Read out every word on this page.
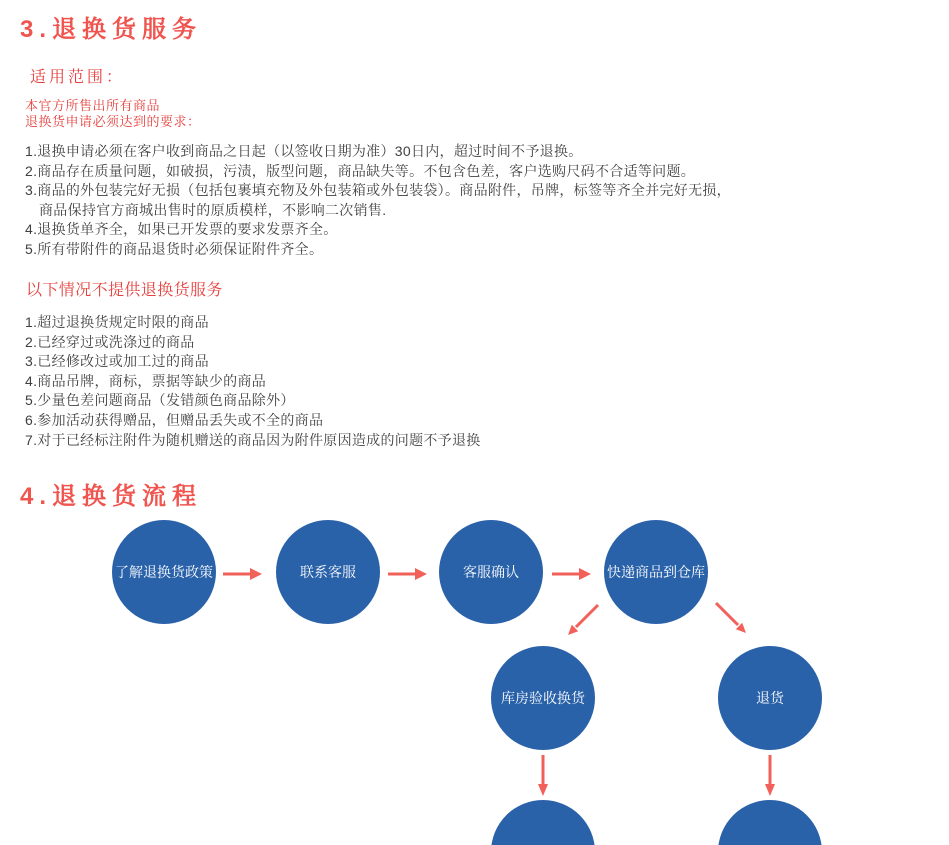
3.退换货服务
适用范围：
本官方所售出所有商品
退换货申请必须达到的要求：
1.退换申请必须在客户收到商品之日起（以签收日期为准）30日内，超过时间不予退换。
2.商品存在质量问题，如破损，污渍，版型问题，商品缺失等。不包含色差，客户选购尺码不合适等问题。
3.商品的外包装完好无损（包括包裹填充物及外包装箱或外包装袋）。商品附件，吊牌，标签等齐全并完好无损，
商品保持官方商城出售时的原质模样，不影响二次销售.
4.退换货单齐全，如果已开发票的要求发票齐全。
5.所有带附件的商品退货时必须保证附件齐全。
以下情况不提供退换货服务
1.超过退换货规定时限的商品
2.已经穿过或洗涤过的商品
3.已经修改过或加工过的商品
4.商品吊牌，商标，票据等缺少的商品
5.少量色差问题商品（发错颜色商品除外）
6.参加活动获得赠品，但赠品丢失或不全的商品
7.对于已经标注附件为随机赠送的商品因为附件原因造成的问题不予退换
4.退换货流程
了解退换货政策	联系客服	客服确认	快递商品到仓库
库房验收换货	退货
